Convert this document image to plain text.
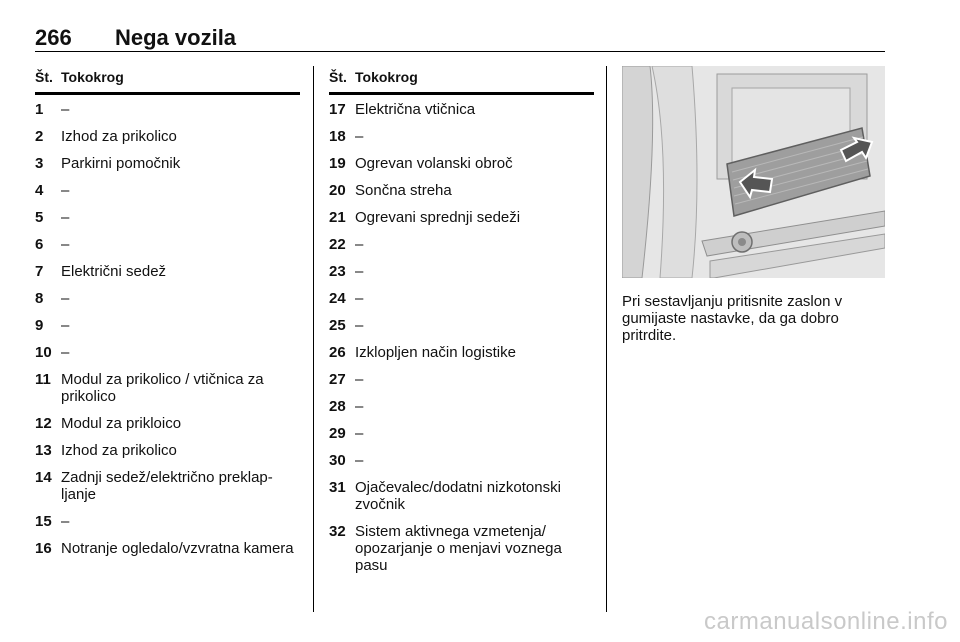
266 Nega vozila
Št. Tokokrog
1 –
2 Izhod za prikolico
3 Parkirni pomočnik
4 –
5 –
6 –
7 Električni sedež
8 –
9 –
10 –
11 Modul za prikolico / vtičnica za prikolico
12 Modul za prikloico
13 Izhod za prikolico
14 Zadnji sedež/električno preklap-ljanje
15 –
16 Notranje ogledalo/vzvratna kamera
Št. Tokokrog
17 Električna vtičnica
18 –
19 Ogrevan volanski obroč
20 Sončna streha
21 Ogrevani sprednji sedeži
22 –
23 –
24 –
25 –
26 Izklopljen način logistike
27 –
28 –
29 –
30 –
31 Ojačevalec/dodatni nizkotonski zvočnik
32 Sistem aktivnega vzmetenja/ opozarjanje o menjavi voznega pasu
Pri sestavljanju pritisnite zaslon v gumijaste nastavke, da ga dobro pritrdite.
carmanualsonline.info
